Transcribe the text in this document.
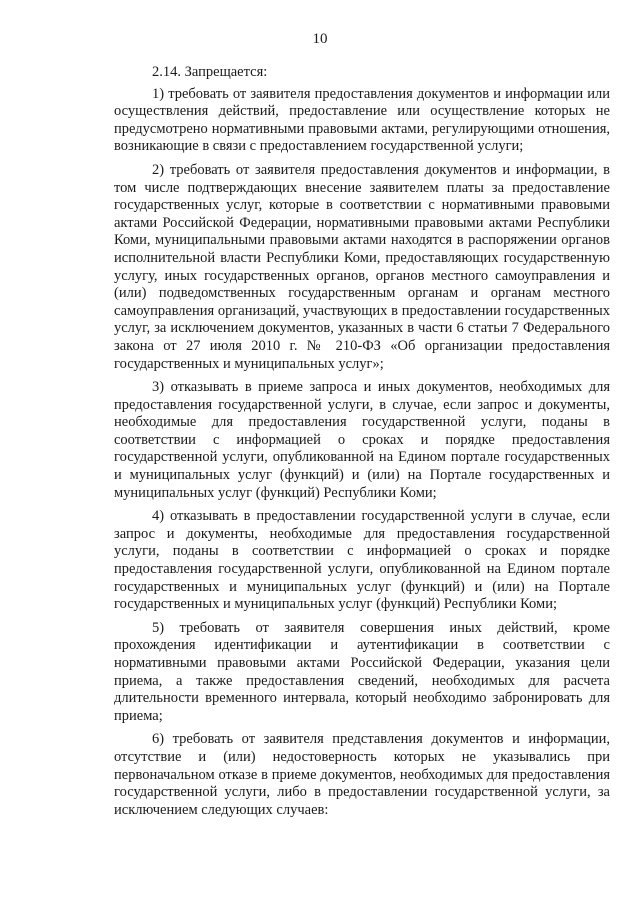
10

2.14. Запрещается:

1) требовать от заявителя предоставления документов и информации или осуществления действий, предоставление или осуществление которых не предусмотрено нормативными правовыми актами, регулирующими отношения, возникающие в связи с предоставлением государственной услуги;

2) требовать от заявителя предоставления документов и информации, в том числе подтверждающих внесение заявителем платы за предоставление государственных услуг, которые в соответствии с нормативными правовыми актами Российской Федерации, нормативными правовыми актами Республики Коми, муниципальными правовыми актами находятся в распоряжении органов исполнительной власти Республики Коми, предоставляющих государственную услугу, иных государственных органов, органов местного самоуправления и (или) подведомственных государственным органам и органам местного самоуправления организаций, участвующих в предоставлении государственных услуг, за исключением документов, указанных в части 6 статьи 7 Федерального закона от 27 июля 2010 г. № 210-ФЗ «Об организации предоставления государственных и муниципальных услуг»;

3) отказывать в приеме запроса и иных документов, необходимых для предоставления государственной услуги, в случае, если запрос и документы, необходимые для предоставления государственной услуги, поданы в соответствии с информацией о сроках и порядке предоставления государственной услуги, опубликованной на Едином портале государственных и муниципальных услуг (функций) и (или) на Портале государственных и муниципальных услуг (функций) Республики Коми;

4) отказывать в предоставлении государственной услуги в случае, если запрос и документы, необходимые для предоставления государственной услуги, поданы в соответствии с информацией о сроках и порядке предоставления государственной услуги, опубликованной на Едином портале государственных и муниципальных услуг (функций) и (или) на Портале государственных и муниципальных услуг (функций) Республики Коми;

5) требовать от заявителя совершения иных действий, кроме прохождения идентификации и аутентификации в соответствии с нормативными правовыми актами Российской Федерации, указания цели приема, а также предоставления сведений, необходимых для расчета длительности временного интервала, который необходимо забронировать для приема;

6) требовать от заявителя представления документов и информации, отсутствие и (или) недостоверность которых не указывались при первоначальном отказе в приеме документов, необходимых для предоставления государственной услуги, либо в предоставлении государственной услуги, за исключением следующих случаев:
